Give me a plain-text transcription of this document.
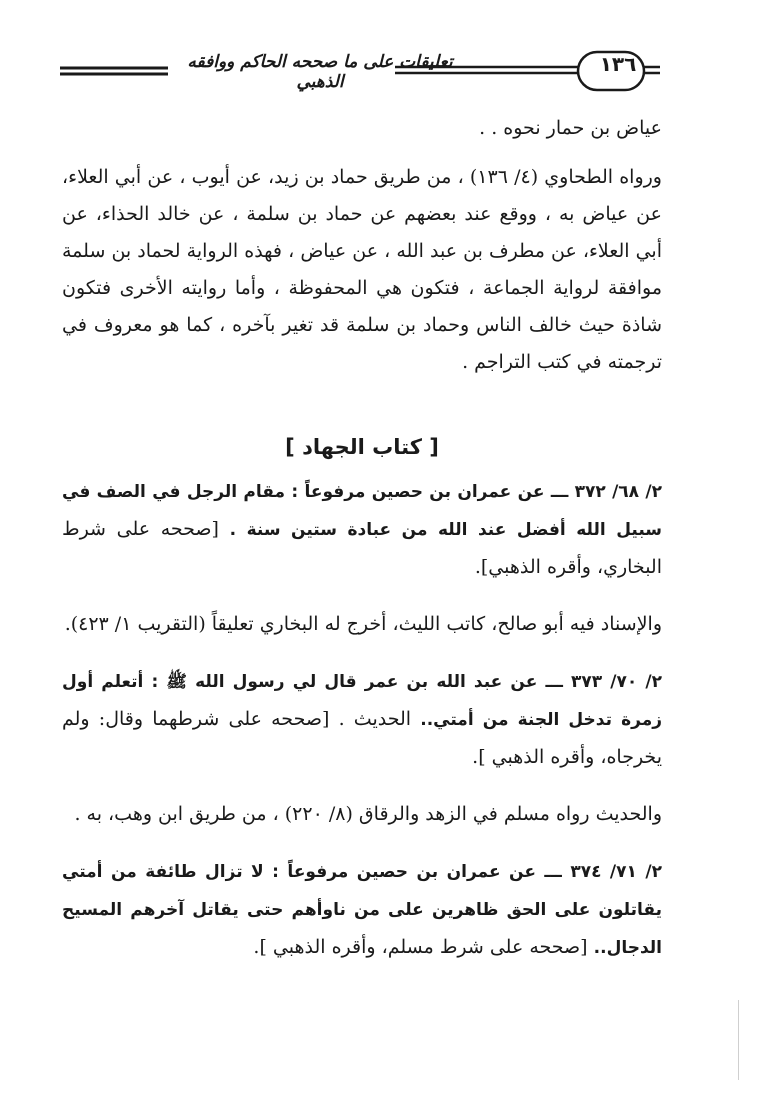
تعليقات على ما صححه الحاكم ووافقه الذهبي
١٣٦

عياض بن حمار نحوه . .

ورواه الطحاوي (٤/ ١٣٦) ، من طريق حماد بن زيد، عن أيوب ، عن أبي العلاء، عن عياض به ، ووقع عند بعضهم عن حماد بن سلمة ، عن خالد الحذاء، عن أبي العلاء، عن مطرف بن عبد الله ، عن عياض ، فهذه الرواية لحماد بن سلمة موافقة لرواية الجماعة ، فتكون هي المحفوظة ، وأما روايته الأخرى فتكون شاذة حيث خالف الناس وحماد بن سلمة قد تغير بآخره ، كما هو معروف في ترجمته في كتب التراجم .

[ كتاب الجهاد ]

٢/ ٦٨/ ٣٧٢ ـــ عن عمران بن حصين مرفوعاً : مقام الرجل في الصف في سبيل الله أفضل عند الله من عبادة ستين سنة . [صححه على شرط البخاري، وأقره الذهبي].

والإسناد فيه أبو صالح، كاتب الليث، أخرج له البخاري تعليقاً (التقريب ١/ ٤٢٣).

٢/ ٧٠/ ٣٧٣ ـــ عن عبد الله بن عمر قال لي رسول الله ﷺ : أتعلم أول زمرة تدخل الجنة من أمتي.. الحديث . [صححه على شرطهما وقال: ولم يخرجاه، وأقره الذهبي ].

والحديث رواه مسلم في الزهد والرقاق (٨/ ٢٢٠) ، من طريق ابن وهب، به .

٢/ ٧١/ ٣٧٤ ـــ عن عمران بن حصين مرفوعاً : لا تزال طائفة من أمتي يقاتلون على الحق ظاهرين على من ناوأهم حتى يقاتل آخرهم المسيح الدجال.. [صححه على شرط مسلم، وأقره الذهبي ].
